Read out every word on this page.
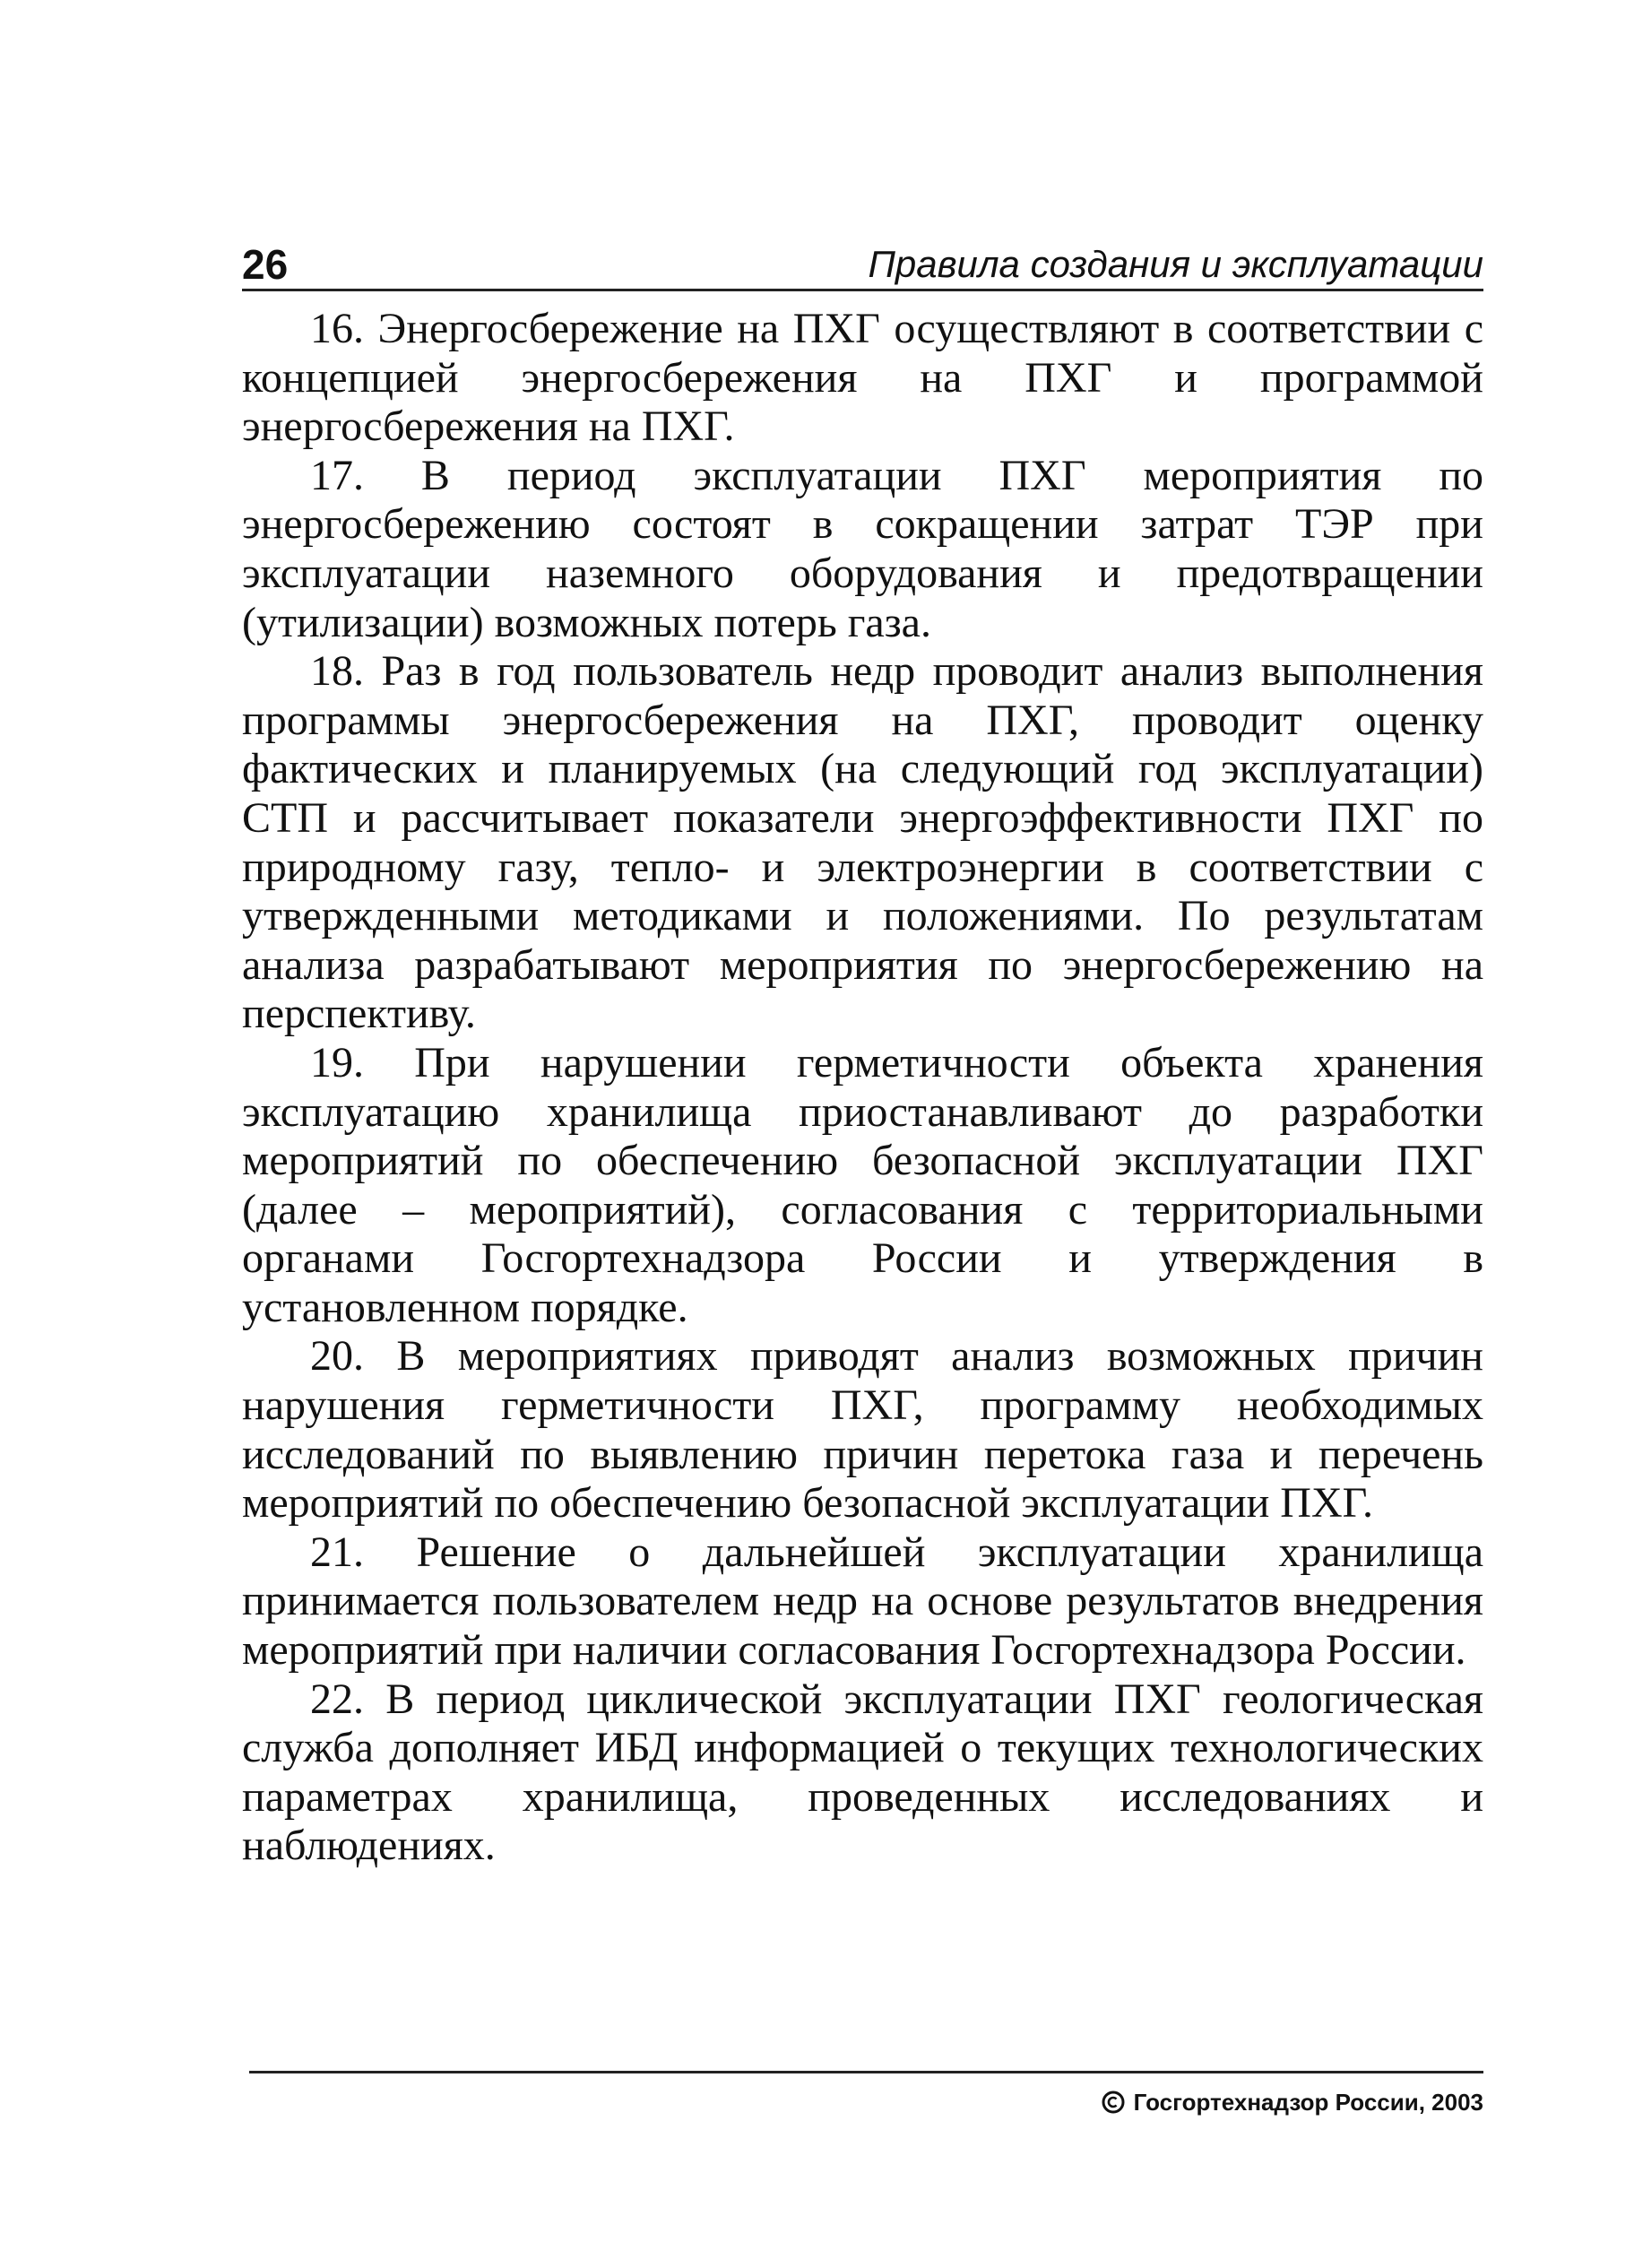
26	Правила создания и эксплуатации

16. Энергосбережение на ПХГ осуществляют в соответствии с концепцией энергосбережения на ПХГ и программой энергосбережения на ПХГ.

17. В период эксплуатации ПХГ мероприятия по энергосбережению состоят в сокращении затрат ТЭР при эксплуатации наземного оборудования и предотвращении (утилизации) возможных потерь газа.

18. Раз в год пользователь недр проводит анализ выполнения программы энергосбережения на ПХГ, проводит оценку фактических и планируемых (на следующий год эксплуатации) СТП и рассчитывает показатели энергоэффективности ПХГ по природному газу, тепло- и электроэнергии в соответствии с утвержденными методиками и положениями. По результатам анализа разрабатывают мероприятия по энергосбережению на перспективу.

19. При нарушении герметичности объекта хранения эксплуатацию хранилища приостанавливают до разработки мероприятий по обеспечению безопасной эксплуатации ПХГ (далее – мероприятий), согласования с территориальными органами Госгортехнадзора России и утверждения в установленном порядке.

20. В мероприятиях приводят анализ возможных причин нарушения герметичности ПХГ, программу необходимых исследований по выявлению причин перетока газа и перечень мероприятий по обеспечению безопасной эксплуатации ПХГ.

21. Решение о дальнейшей эксплуатации хранилища принимается пользователем недр на основе результатов внедрения мероприятий при наличии согласования Госгортехнадзора России.

22. В период циклической эксплуатации ПХГ геологическая служба дополняет ИБД информацией о текущих технологических параметрах хранилища, проведенных исследованиях и наблюдениях.

Госгортехнадзор России, 2003
